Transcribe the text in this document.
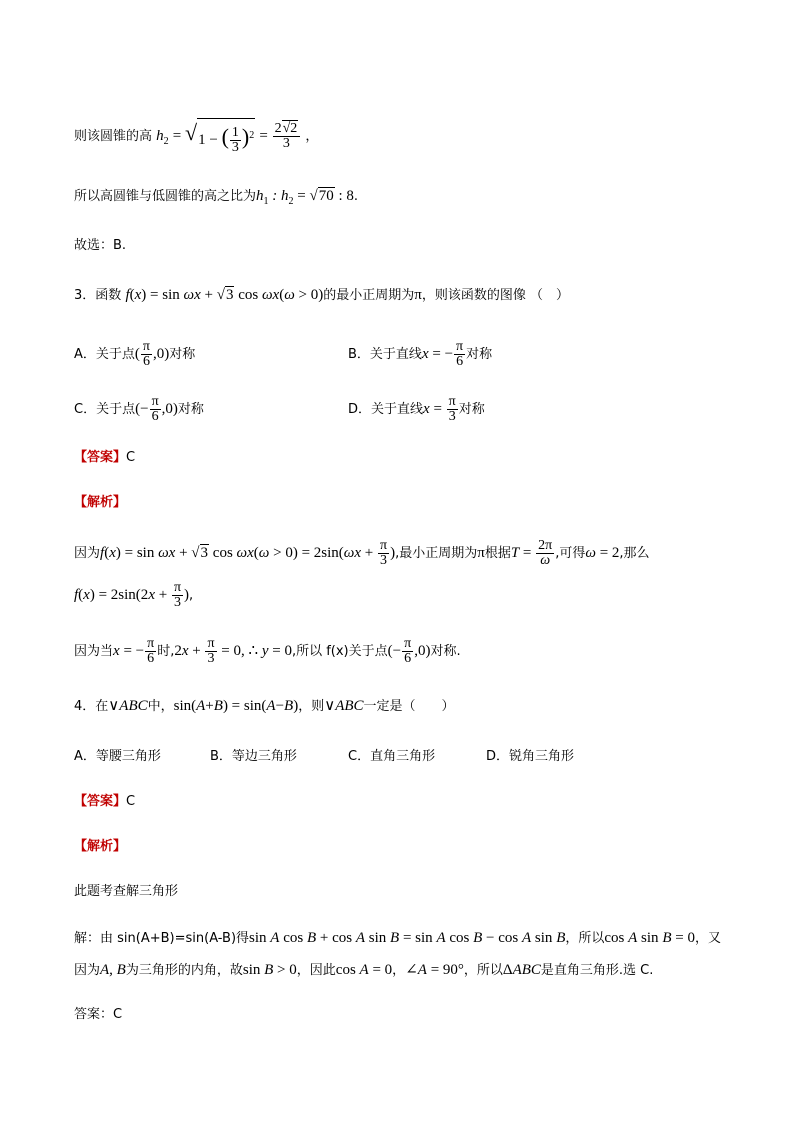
则该圆锥的高 $h_2 = √1$ − ( $\frac{1}{3} )^2 = \frac{2√2}{3}$ ，
所以高圆锥与低圆锥的高之比为$h_1$ : $h_2 = √70$ : 8.
故选：B.
3．函数 f(x) = sin ωx + √3 cos ωx(ω > 0)的最小正周期为π，则该函数的图像 （　）
A．关于点( $\frac{\pi}{6} ,0$)对称	B．关于直线x = − $\frac{\pi}{6}$ 对称
C．关于点(− $\frac{\pi}{6} ,0$)对称	D．关于直线$x = \frac{\pi}{3}$ 对称
【答案】C
【解析】
因为f(x) = sin ωx + √3 $\cos \omega x(\omega > 0) = 2\sin(\omega x + \frac{\pi}{3}$ ),最小正周期为π根据$T = \frac{2\pi}{\omega}$ ,可得ω = 2,那么
$f(x) = 2\sin(2x + \frac{\pi}{3}$ ),
因为当x = − $\frac{\pi}{6}$ 时$,2x + \frac{\pi}{3} = 0$, ∴ y = 0,所以 f(x)关于点(− $\frac{\pi}{6} ,0$)对称.
4．在∨ABC中，sin(A+B) = sin(A−B)，则∨ABC一定是（　　）
A．等腰三角形	B．等边三角形	C．直角三角形	D．锐角三角形
【答案】C
【解析】
此题考查解三角形
解：由 sin(A+B)=sin(A-B)得sin A cos B + cos A sin B = sin A cos B − cos A sin B，所以cos A sin B = 0，又
因为A, B为三角形的内角，故sin B > 0，因此cos A = 0，∠A = 90°，所以ΔABC是直角三角形.选 C.
答案：C
